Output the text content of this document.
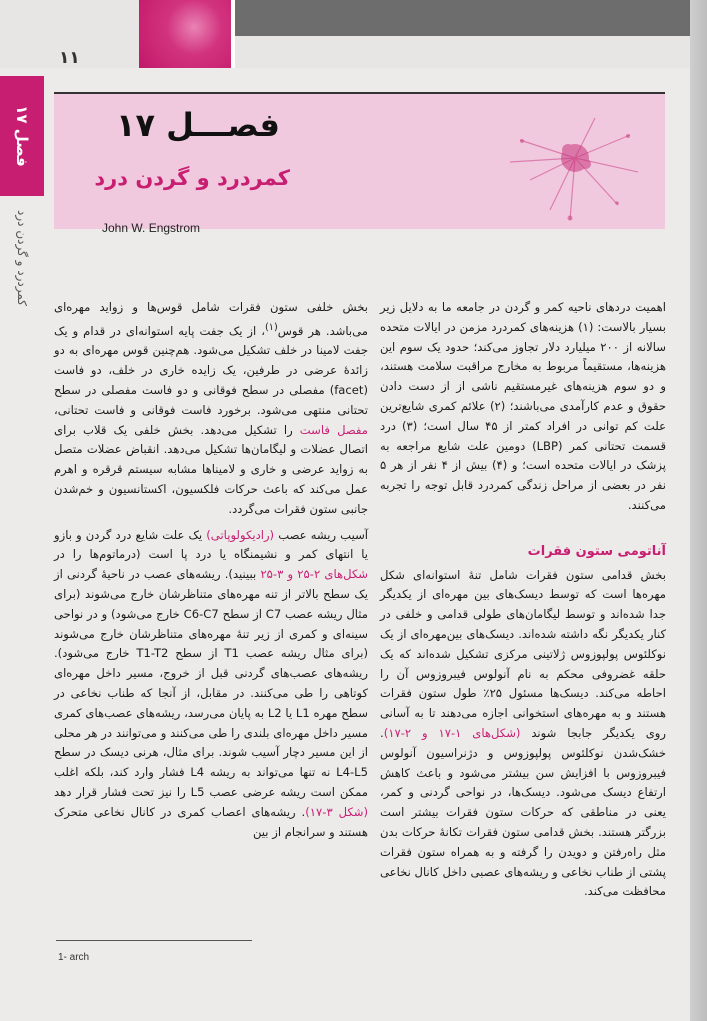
۱۱
فصل ۱۷
کمردرد و گردن درد
فصـــل ۱۷
کمردرد و گردن درد
John W. Engstrom

اهمیت دردهای ناحیه کمر و گردن در جامعه ما به دلایل زیر بسیار بالاست: (۱) هزینه‌های کمردرد مزمن در ایالات متحده سالانه از ۲۰۰ میلیارد دلار تجاوز می‌کند؛ حدود یک سوم این هزینه‌ها، مستقیماً مربوط به مخارج مراقبت سلامت هستند، و دو سوم هزینه‌های غیرمستقیم ناشی از از دست دادن حقوق و عدم کارآمدی می‌باشند؛ (۲) علائم کمری شایع‌ترین علت کم توانی در افراد کمتر از ۴۵ سال است؛ (۳) درد قسمت تحتانی کمر (LBP) دومین علت شایع مراجعه به پزشک در ایالات متحده است؛ و (۴) بیش از ۴ نفر از هر ۵ نفر در بعضی از مراحل زندگی کمردرد قابل توجه را تجربه می‌کنند.

آناتومی ستون فقرات

بخش قدامی ستون فقرات شامل تنهٔ استوانه‌ای شکل مهره‌ها است که توسط دیسک‌های بین مهره‌ای از یکدیگر جدا شده‌اند و توسط لیگامان‌های طولی قدامی و خلفی در کنار یکدیگر نگه داشته شده‌اند. دیسک‌های بین‌مهره‌ای از یک نوکلئوس پولپوزوس ژلاتینی مرکزی تشکیل شده‌اند که یک حلقه غضروفی محکم به نام آنولوس فیبروزوس آن را احاطه می‌کند. دیسک‌ها مسئول ۲۵٪ طول ستون فقرات هستند و به مهره‌های استخوانی اجازه می‌دهند تا به آسانی روی یکدیگر جابجا شوند (شکل‌های ۱-۱۷ و ۲-۱۷). خشک‌شدن نوکلئوس پولپوزوس و دژنراسیون آنولوس فیبروزوس با افزایش سن بیشتر می‌شود و باعث کاهش ارتفاع دیسک می‌شود. دیسک‌ها، در نواحی گردنی و کمر، یعنی در مناطقی که حرکات ستون فقرات بیشتر است بزرگتر هستند. بخش قدامی ستون فقرات تکانهٔ حرکات بدن مثل راه‌رفتن و دویدن را گرفته و به همراه ستون فقرات پشتی از طناب نخاعی و ریشه‌های عصبی داخل کانال نخاعی محافظت می‌کند.

بخش خلفی ستون فقرات شامل قوس‌ها و زواید مهره‌ای می‌باشد. هر قوس$^{(۱)}$، از یک جفت پایه استوانه‌ای در قدام و یک جفت لامینا در خلف تشکیل می‌شود. هم‌چنین قوس مهره‌ای به دو زائدهٔ عرضی در طرفین، یک زایده خاری در خلف، دو فاست (facet) مفصلی در سطح فوقانی و دو فاست مفصلی در سطح تحتانی منتهی می‌شود. برخورد فاست فوقانی و فاست تحتانی، مفصل فاست را تشکیل می‌دهد. بخش خلفی یک قلاب برای اتصال عضلات و لیگامان‌ها تشکیل می‌دهد. انقباض عضلات متصل به زواید عرضی و خاری و لامیناها مشابه سیستم قرقره و اهرم عمل می‌کند که باعث حرکات فلکسیون، اکستانسیون و خم‌شدن جانبی ستون فقرات می‌گردد.

آسیب ریشه عصب (رادیکولوپاتی) یک علت شایع درد گردن و بازو یا انتهای کمر و نشیمنگاه یا درد پا است (درماتوم‌ها را در شکل‌های ۲-۲۵ و ۳-۲۵ ببینید). ریشه‌های عصب در ناحیهٔ گردنی از یک سطح بالاتر از تنه مهره‌های متناظرشان خارج می‌شوند (برای مثال ریشه عصب C7 از سطح C6-C7 خارج می‌شود) و در نواحی سینه‌ای و کمری از زیر تنهٔ مهره‌های متناظرشان خارج می‌شوند (برای مثال ریشه عصب T1 از سطح T1-T2 خارج می‌شود). ریشه‌های عصب‌های گردنی قبل از خروج، مسیر داخل مهره‌ای کوتاهی را طی می‌کنند. در مقابل، از آنجا که طناب نخاعی در سطح مهره L1 یا L2 به پایان می‌رسد، ریشه‌های عصب‌های کمری مسیر داخل مهره‌ای بلندی را طی می‌کنند و می‌توانند در هر محلی از این مسیر دچار آسیب شوند. برای مثال، هرنی دیسک در سطح L4-L5 نه تنها می‌تواند به ریشه L4 فشار وارد کند، بلکه اغلب ممکن است ریشه عرضی عصب L5 را نیز تحت فشار قرار دهد (شکل ۳-۱۷). ریشه‌های اعصاب کمری در کانال نخاعی متحرک هستند و سرانجام از بین

1- arch
